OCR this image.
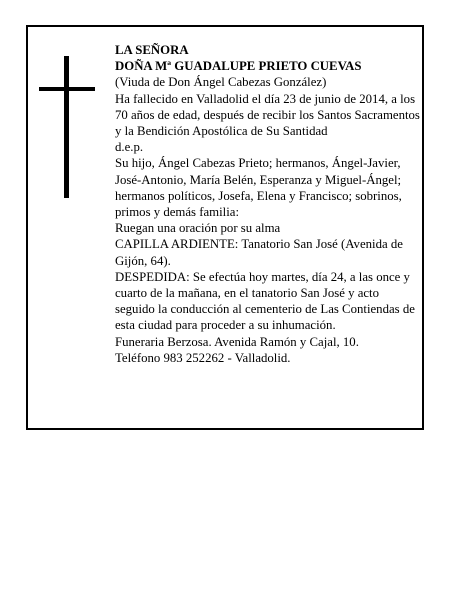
LA SEÑORA

DOÑA Mª GUADALUPE PRIETO CUEVAS

(Viuda de Don Ángel Cabezas González)

Ha fallecido en Valladolid el día 23 de junio de 2014, a los 70 años de edad, después de recibir los Santos Sacramentos y la Bendición Apostólica de Su Santidad

d.e.p.

Su hijo, Ángel Cabezas Prieto; hermanos, Ángel-Javier, José-Antonio, María Belén, Esperanza y Miguel-Ángel; hermanos políticos, Josefa, Elena y Francisco; sobrinos, primos y demás familia:

Ruegan una oración por su alma

CAPILLA ARDIENTE: Tanatorio San José (Avenida de Gijón, 64).

DESPEDIDA: Se efectúa hoy martes, día 24, a las once y cuarto de la mañana, en el tanatorio San José y acto seguido la conducción al cementerio de Las Contiendas de esta ciudad para proceder a su inhumación.

Funeraria Berzosa. Avenida Ramón y Cajal, 10.

Teléfono 983 252262 - Valladolid.
